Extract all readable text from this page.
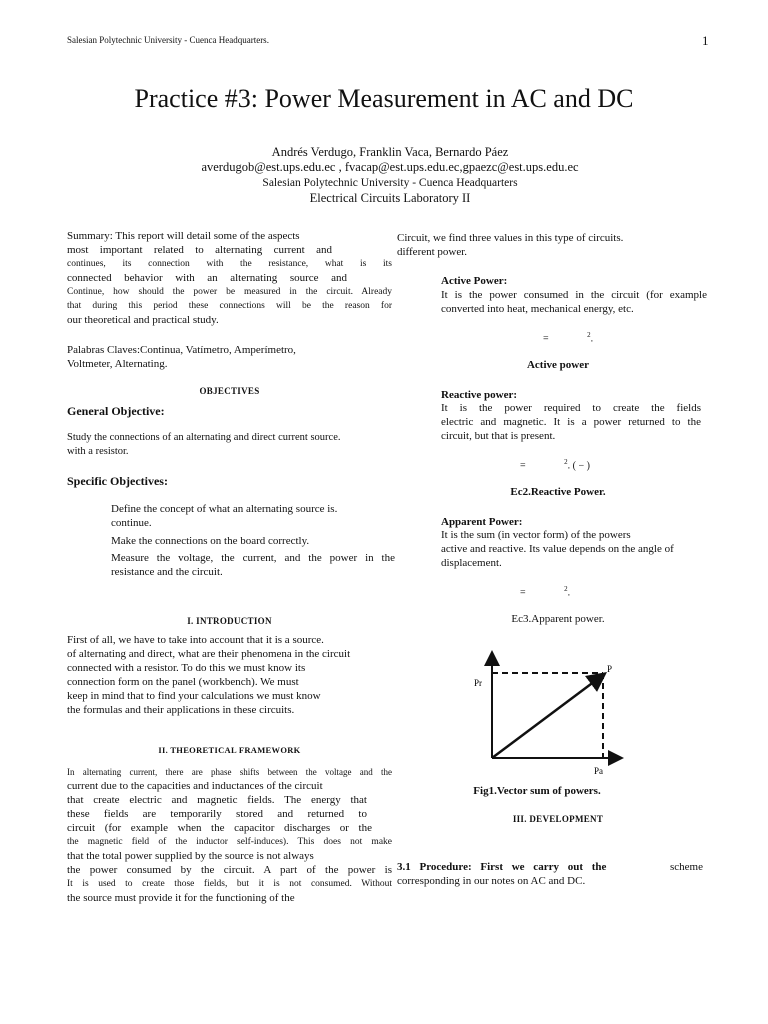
Salesian Polytechnic University - Cuenca Headquarters.	1
Practice #3: Power Measurement in AC and DC
Andrés Verdugo, Franklin Vaca, Bernardo Páez
averdugob@est.ups.edu.ec , fvacap@est.ups.edu.ec,gpaezc@est.ups.edu.ec
Salesian Polytechnic University - Cuenca Headquarters
Electrical Circuits Laboratory II
Summary: This report will detail some of the aspects
most important related to alternating current and
continues, its connection with the resistance, what is its
connected behavior with an alternating source and
Continue, how should the power be measured in the circuit. Already
that during this period these connections will be the reason for
our theoretical and practical study.
Palabras Claves:Continua, Vatímetro, Amperímetro,
Voltmeter, Alternating.
OBJECTIVES
General Objective:
Study the connections of an alternating and direct current source.
with a resistor.
Specific Objectives:
Define the concept of what an alternating source is.
continue.
Make the connections on the board correctly.
Measure the voltage, the current, and the power in the
resistance and the circuit.
I. INTRODUCTION
First of all, we have to take into account that it is a source.
of alternating and direct, what are their phenomena in the circuit
connected with a resistor. To do this we must know its
connection form on the panel (workbench). We must
keep in mind that to find your calculations we must know
the formulas and their applications in these circuits.
II. THEORETICAL FRAMEWORK
In alternating current, there are phase shifts between the voltage and the
current due to the capacities and inductances of the circuit
that create electric and magnetic fields. The energy that
these fields are temporarily stored and returned to
circuit (for example when the capacitor discharges or the
the magnetic field of the inductor self-induces). This does not make
that the total power supplied by the source is not always
the power consumed by the circuit. A part of the power is
It is used to create those fields, but it is not consumed. Without
the source must provide it for the functioning of the
Circuit, we find three values in this type of circuits.
different power.
Active Power:
It is the power consumed in the circuit (for example
converted into heat, mechanical energy, etc.
=	$^2$.
Active power
Reactive power:
It is the power required to create the fields
electric and magnetic. It is a power returned to the
circuit, but that is present.
=	$^2$. ( − )
Ec2.Reactive Power.
Apparent Power:
It is the sum (in vector form) of the powers
active and reactive. Its value depends on the angle of
displacement.
=	$^2$.
Ec3.Apparent power.
P
Pr
Pa
Fig1.Vector sum of powers.
III. DEVELOPMENT
3.1 Procedure: First we carry out the	scheme
corresponding in our notes on AC and DC.
